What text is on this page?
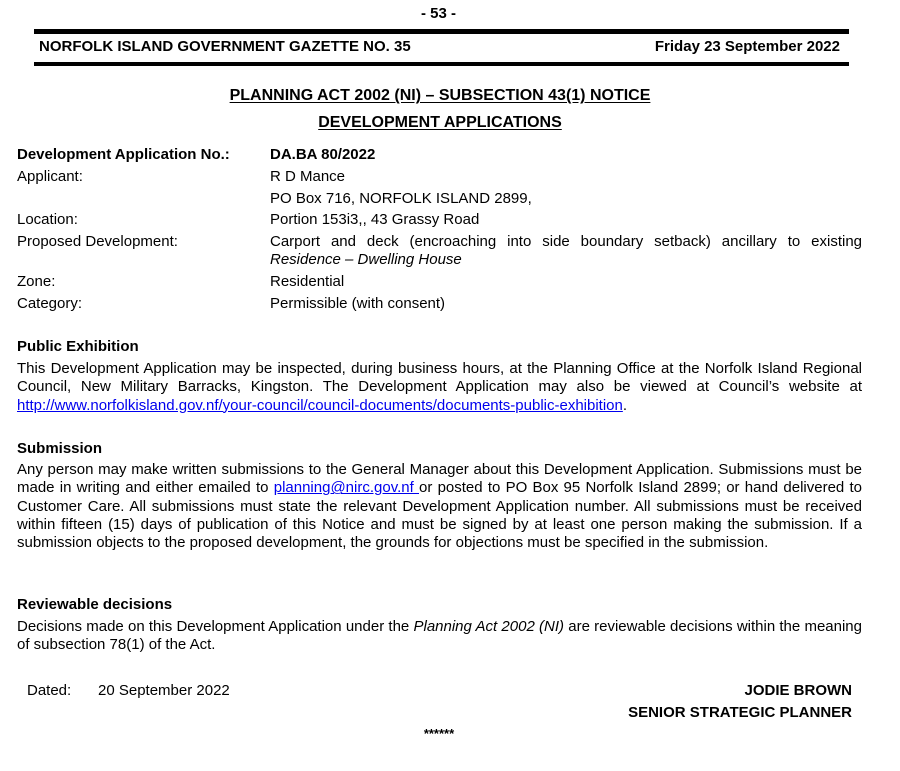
- 53 -
NORFOLK ISLAND GOVERNMENT GAZETTE NO. 35	Friday 23 September 2022
PLANNING ACT 2002 (NI) – SUBSECTION 43(1) NOTICE
DEVELOPMENT APPLICATIONS
Development Application No.:	DA.BA 80/2022
Applicant:	R D Mance
PO Box 716, NORFOLK ISLAND 2899,
Location:	Portion 153i3,, 43 Grassy Road
Proposed Development:	Carport and deck (encroaching into side boundary setback) ancillary to existing
Residence – Dwelling House
Zone:	Residential
Category:	Permissible (with consent)
Public Exhibition
This Development Application may be inspected, during business hours, at the Planning Office at the Norfolk Island Regional Council, New Military Barracks, Kingston. The Development Application may also be viewed at Council’s website at http://www.norfolkisland.gov.nf/your-council/council-documents/documents-public-exhibition.
Submission
Any person may make written submissions to the General Manager about this Development Application. Submissions must be made in writing and either emailed to planning@nirc.gov.nf or posted to PO Box 95 Norfolk Island 2899; or hand delivered to Customer Care. All submissions must state the relevant Development Application number. All submissions must be received within fifteen (15) days of publication of this Notice and must be signed by at least one person making the submission. If a submission objects to the proposed development, the grounds for objections must be specified in the submission.
Reviewable decisions
Decisions made on this Development Application under the Planning Act 2002 (NI) are reviewable decisions within the meaning of subsection 78(1) of the Act.
Dated: 20 September 2022	JODIE BROWN
SENIOR STRATEGIC PLANNER
******
